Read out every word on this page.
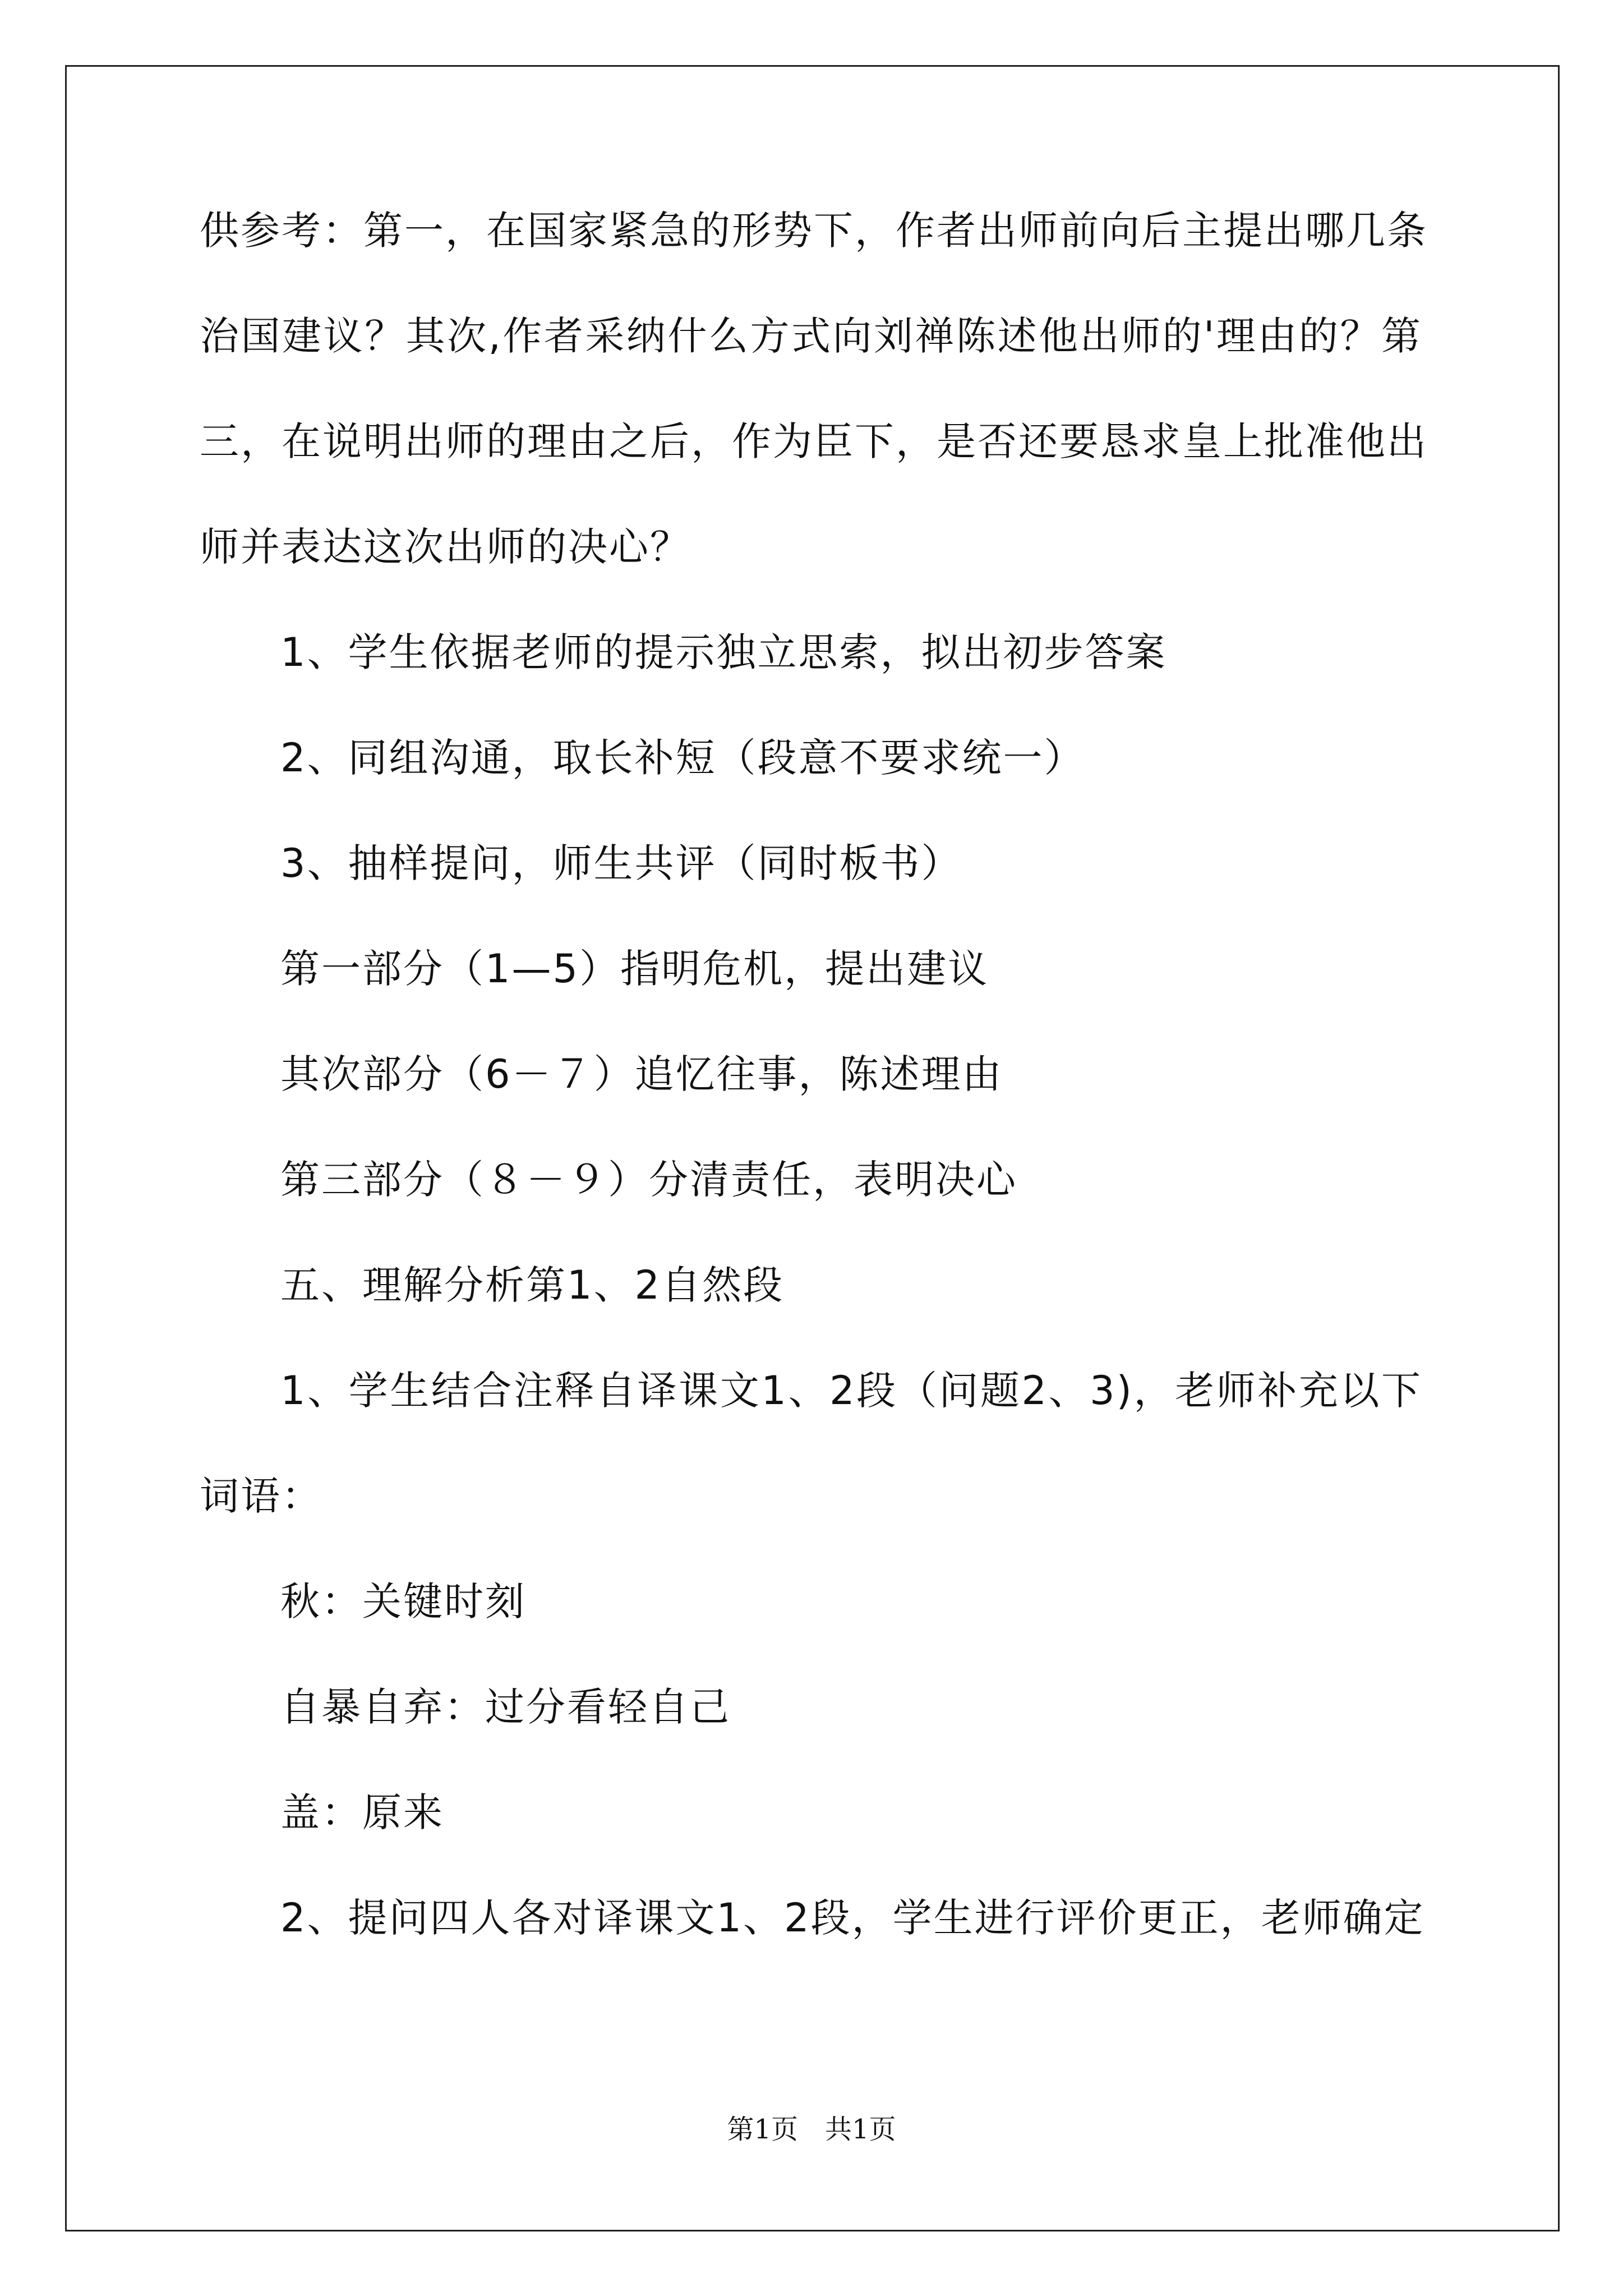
供参考：第一，在国家紧急的形势下，作者出师前向后主提出哪几条
治国建议？其次,作者采纳什么方式向刘禅陈述他出师的'理由的？第
三，在说明出师的理由之后，作为臣下，是否还要恳求皇上批准他出
师并表达这次出师的决心？
1、学生依据老师的提示独立思索，拟出初步答案
2、同组沟通，取长补短（段意不要求统一）
3、抽样提问，师生共评（同时板书）
第一部分（1—5）指明危机，提出建议
其次部分（6－７）追忆往事，陈述理由
第三部分（８－９）分清责任，表明决心
五、理解分析第1、2自然段
1、学生结合注释自译课文1、2段（问题2、3)，老师补充以下
词语：
秋：关键时刻
自暴自弃：过分看轻自己
盖：原来
2、提问四人各对译课文1、2段，学生进行评价更正，老师确定
第1页　共1页
